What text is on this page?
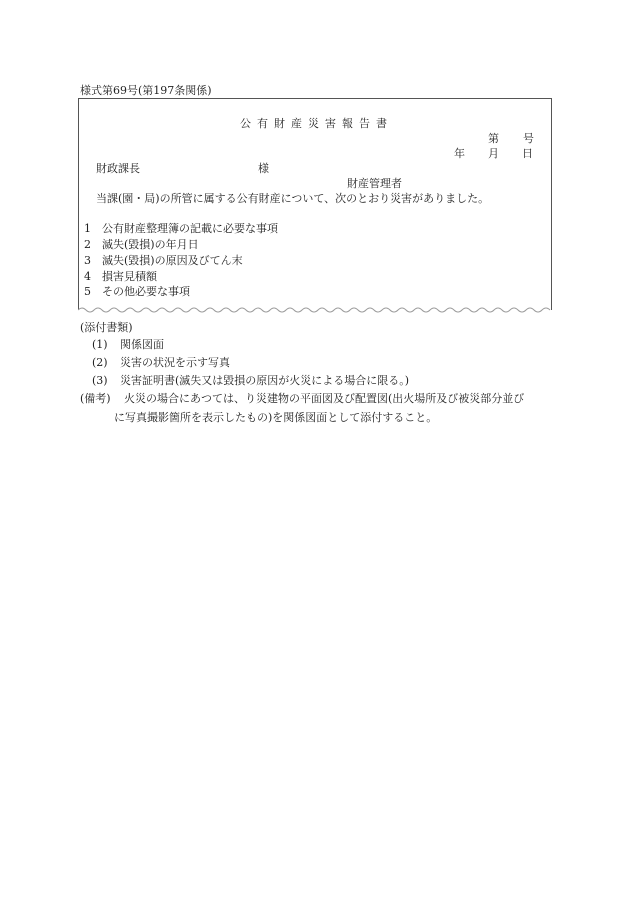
様式第69号(第197条関係)
公有財産災害報告書
第 号
年 月 日
財政課長	様
財産管理者
当課(園・局)の所管に属する公有財産について、次のとおり災害がありました。
1 公有財産整理簿の記載に必要な事項
2 滅失(毀損)の年月日
3 滅失(毀損)の原因及びてん末
4 損害見積額
5 その他必要な事項
(添付書類)
(1) 関係図面
(2) 災害の状況を示す写真
(3) 災害証明書(滅失又は毀損の原因が火災による場合に限る。)
(備考) 火災の場合にあつては、り災建物の平面図及び配置図(出火場所及び被災部分並び
に写真撮影箇所を表示したもの)を関係図面として添付すること。
